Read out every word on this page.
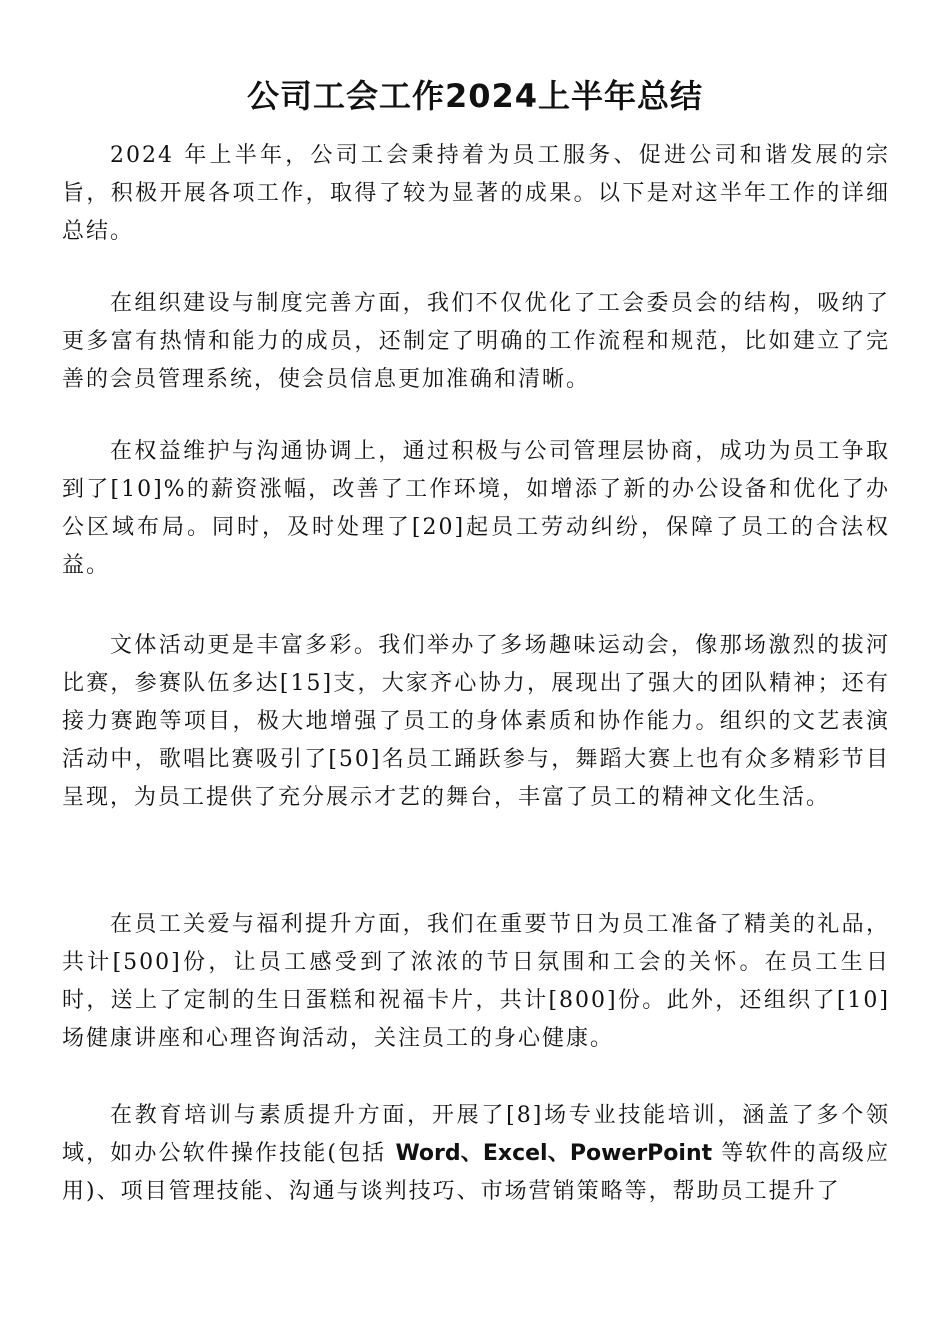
公司工会工作2024上半年总结

2024 年上半年，公司工会秉持着为员工服务、促进公司和谐发展的宗旨，积极开展各项工作，取得了较为显著的成果。以下是对这半年工作的详细总结。

在组织建设与制度完善方面，我们不仅优化了工会委员会的结构，吸纳了更多富有热情和能力的成员，还制定了明确的工作流程和规范，比如建立了完善的会员管理系统，使会员信息更加准确和清晰。

在权益维护与沟通协调上，通过积极与公司管理层协商，成功为员工争取到了[10]%的薪资涨幅，改善了工作环境，如增添了新的办公设备和优化了办公区域布局。同时，及时处理了[20]起员工劳动纠纷，保障了员工的合法权益。

文体活动更是丰富多彩。我们举办了多场趣味运动会，像那场激烈的拔河比赛，参赛队伍多达[15]支，大家齐心协力，展现出了强大的团队精神；还有接力赛跑等项目，极大地增强了员工的身体素质和协作能力。组织的文艺表演活动中，歌唱比赛吸引了[50]名员工踊跃参与，舞蹈大赛上也有众多精彩节目呈现，为员工提供了充分展示才艺的舞台，丰富了员工的精神文化生活。

在员工关爱与福利提升方面，我们在重要节日为员工准备了精美的礼品，共计[500]份，让员工感受到了浓浓的节日氛围和工会的关怀。在员工生日时，送上了定制的生日蛋糕和祝福卡片，共计[800]份。此外，还组织了[10]场健康讲座和心理咨询活动，关注员工的身心健康。

在教育培训与素质提升方面，开展了[8]场专业技能培训，涵盖了多个领域，如办公软件操作技能(包括 Word、Excel、PowerPoint 等软件的高级应用)、项目管理技能、沟通与谈判技巧、市场营销策略等，帮助员工提升了
